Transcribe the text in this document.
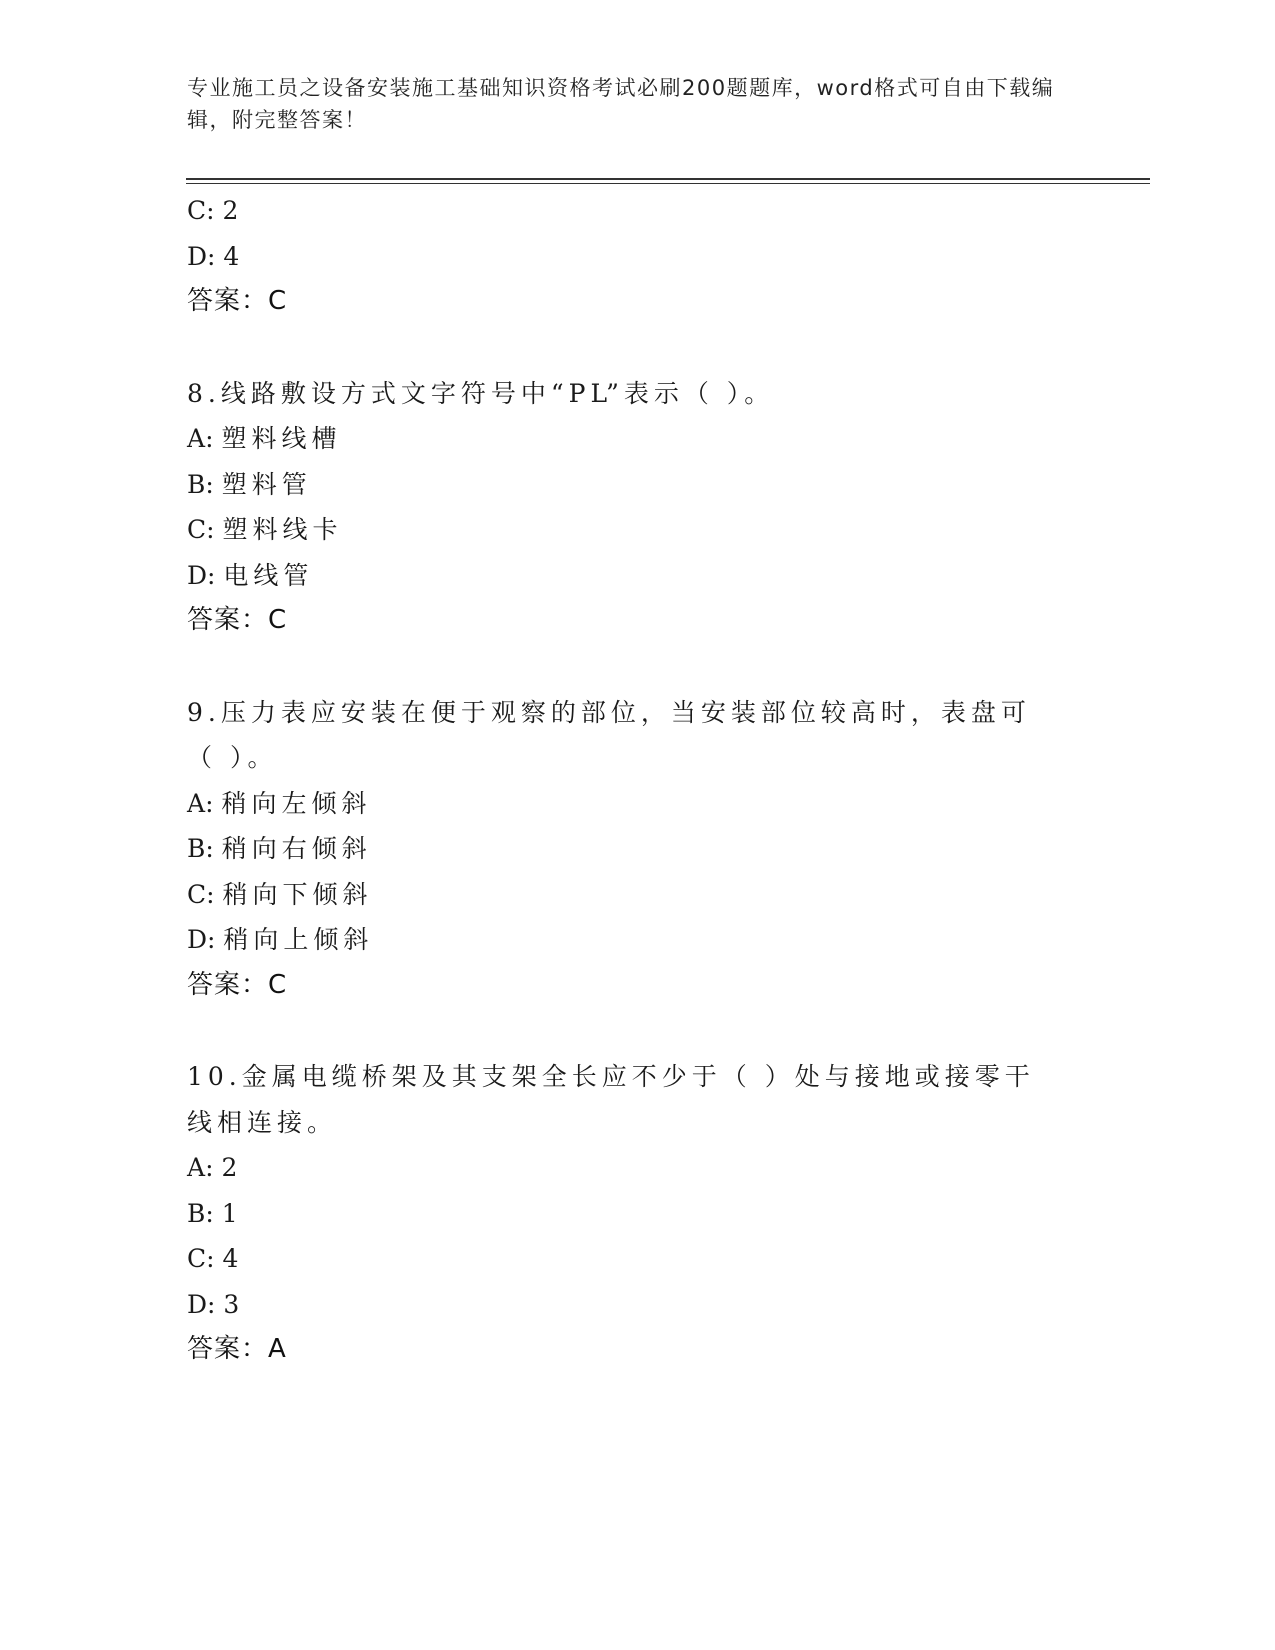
专业施工员之设备安装施工基础知识资格考试必刷200题题库，word格式可自由下载编辑，附完整答案！
C: 2
D: 4
答案：C
8.线路敷设方式文字符号中“PL”表示（ ）。
A: 塑料线槽
B: 塑料管
C: 塑料线卡
D: 电线管
答案：C
9.压力表应安装在便于观察的部位，当安装部位较高时，表盘可（ ）。
A: 稍向左倾斜
B: 稍向右倾斜
C: 稍向下倾斜
D: 稍向上倾斜
答案：C
10.金属电缆桥架及其支架全长应不少于（ ）处与接地或接零干线相连接。
A: 2
B: 1
C: 4
D: 3
答案：A
